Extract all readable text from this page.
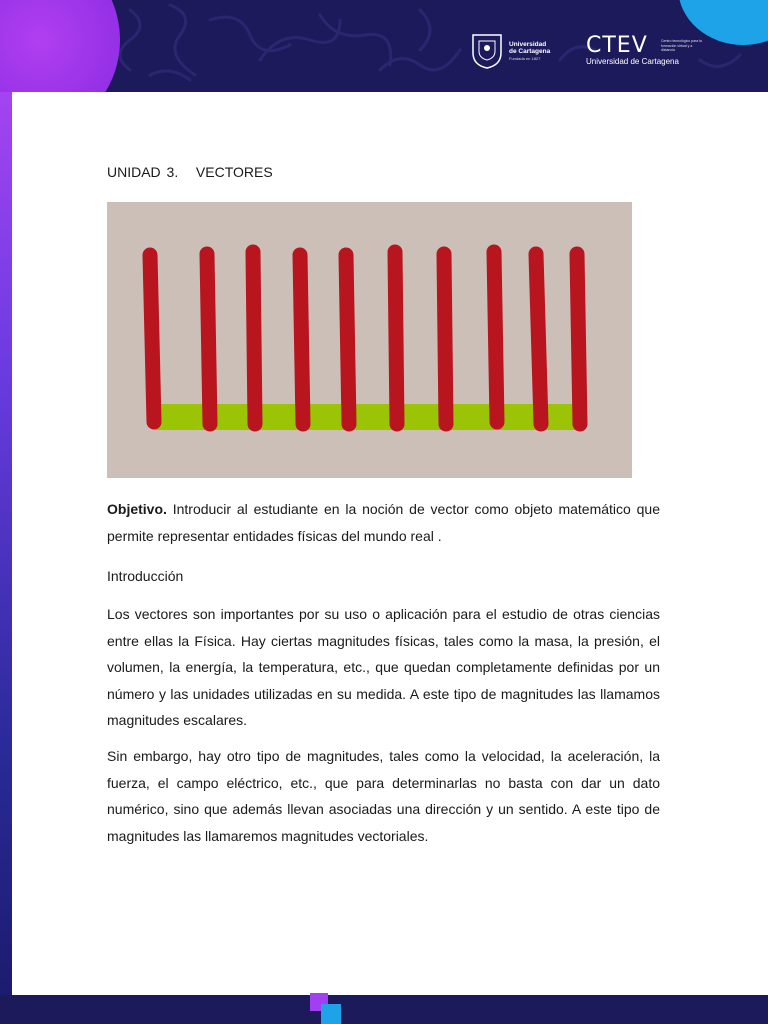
Universidad
de Cartagena
Fundada en 1827	CTEV
Universidad de Cartagena
Centro tecnológico para la formación virtual y a distancia
UNIDAD 3.   VECTORES

Objetivo. Introducir al estudiante en la noción de vector como objeto matemático que permite representar entidades físicas del mundo real .

Introducción

Los vectores son importantes por su uso o aplicación para el estudio de otras ciencias entre ellas la Física. Hay ciertas magnitudes físicas, tales como la masa, la presión, el volumen, la energía, la temperatura, etc., que quedan completamente definidas por un número y las unidades utilizadas en su medida. A este tipo de magnitudes las llamamos magnitudes escalares.

Sin embargo, hay otro tipo de magnitudes, tales como la velocidad, la aceleración, la fuerza, el campo eléctrico, etc., que para determinarlas no basta con dar un dato numérico, sino que además llevan asociadas una dirección y un sentido. A este tipo de magnitudes las llamaremos magnitudes vectoriales.
